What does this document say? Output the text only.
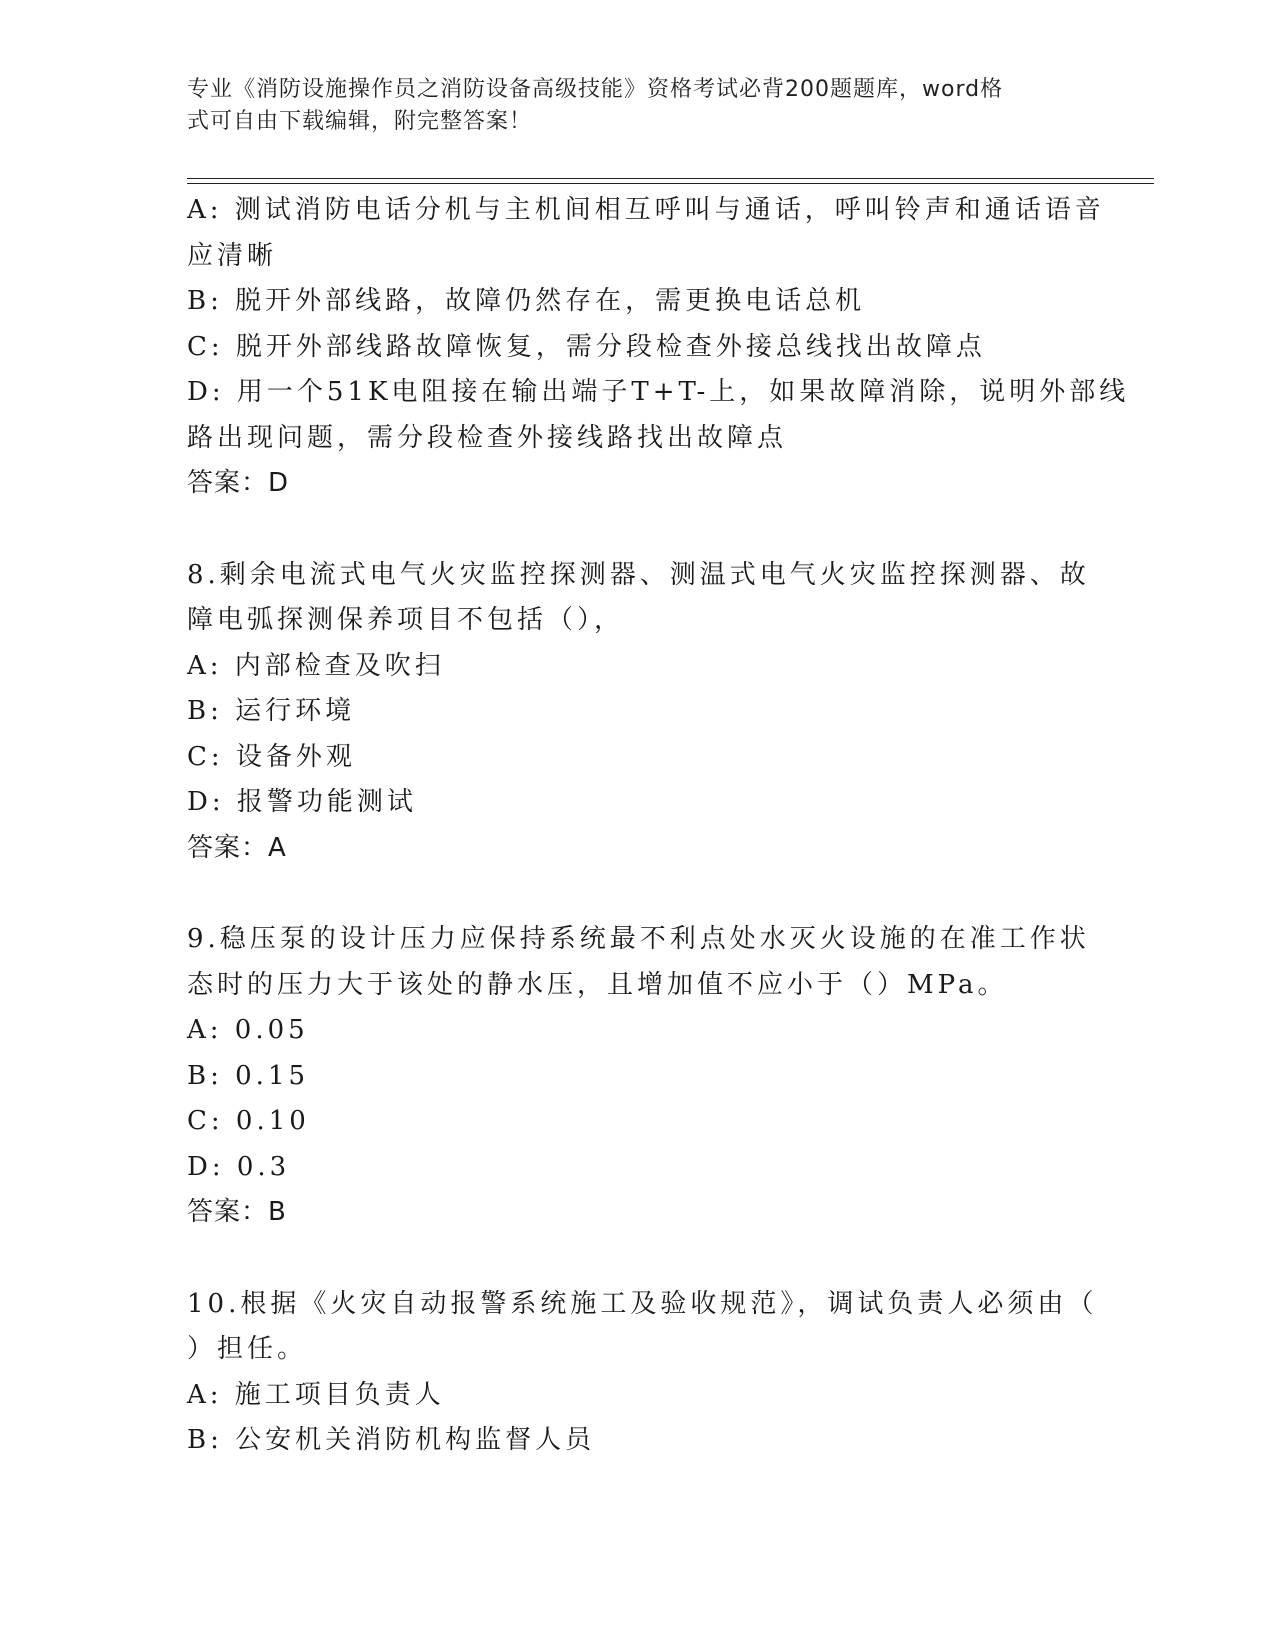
专业《消防设施操作员之消防设备高级技能》资格考试必背200题题库，word格
式可自由下载编辑，附完整答案！
A: 测试消防电话分机与主机间相互呼叫与通话，呼叫铃声和通话语音
应清晰
B: 脱开外部线路，故障仍然存在，需更换电话总机
C: 脱开外部线路故障恢复，需分段检查外接总线找出故障点
D: 用一个51K电阻接在输出端子T+T-上，如果故障消除，说明外部线
路出现问题，需分段检查外接线路找出故障点
答案：D
8.剩余电流式电气火灾监控探测器、测温式电气火灾监控探测器、故
障电弧探测保养项目不包括（），
A: 内部检查及吹扫
B: 运行环境
C: 设备外观
D: 报警功能测试
答案：A
9.稳压泵的设计压力应保持系统最不利点处水灭火设施的在准工作状
态时的压力大于该处的静水压，且增加值不应小于（）MPa。
A: 0.05
B: 0.15
C: 0.10
D: 0.3
答案：B
10.根据《火灾自动报警系统施工及验收规范》，调试负责人必须由（
）担任。
A: 施工项目负责人
B: 公安机关消防机构监督人员
